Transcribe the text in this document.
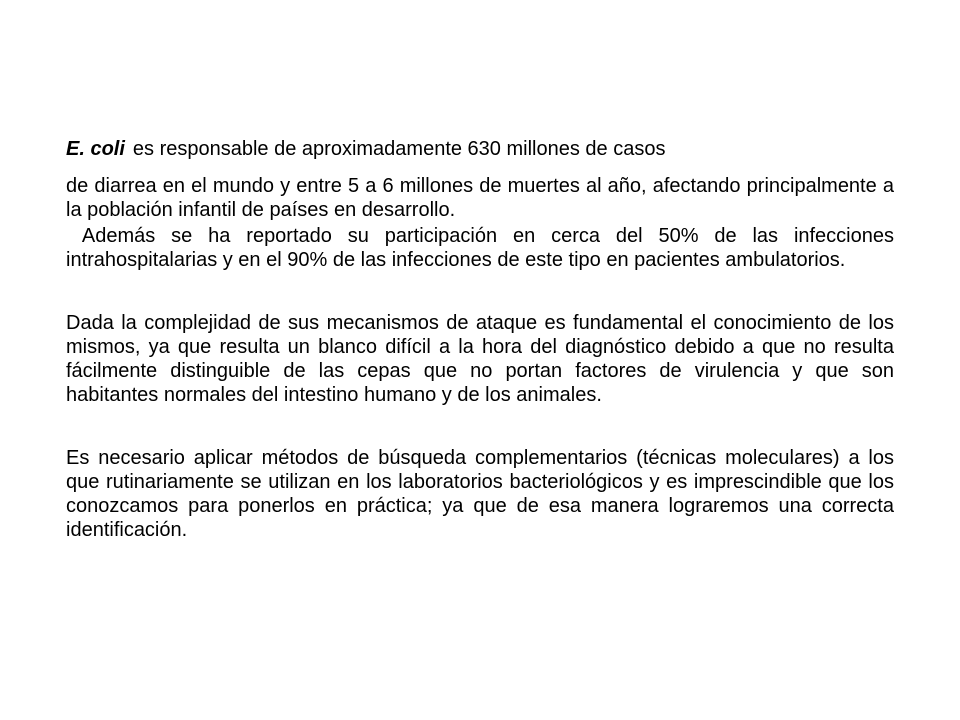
E. coli es responsable de aproximadamente 630 millones de casos

de diarrea en el mundo y entre 5 a 6 millones de muertes al año, afectando principalmente a la población infantil de países en desarrollo.

Además se ha reportado su participación en cerca del 50% de las infecciones  intrahospitalarias y en el 90% de las infecciones de este tipo en pacientes ambulatorios.

Dada la complejidad de sus mecanismos de ataque es fundamental el conocimiento de los mismos, ya que resulta un blanco difícil a la hora del diagnóstico debido a que no resulta fácilmente distinguible de las cepas que no portan factores de virulencia y que son habitantes normales del intestino humano y de los animales.

Es necesario aplicar métodos de búsqueda complementarios (técnicas moleculares) a los que rutinariamente se utilizan en los laboratorios bacteriológicos y es imprescindible que los conozcamos para ponerlos en práctica; ya que de esa manera lograremos una correcta identificación.
